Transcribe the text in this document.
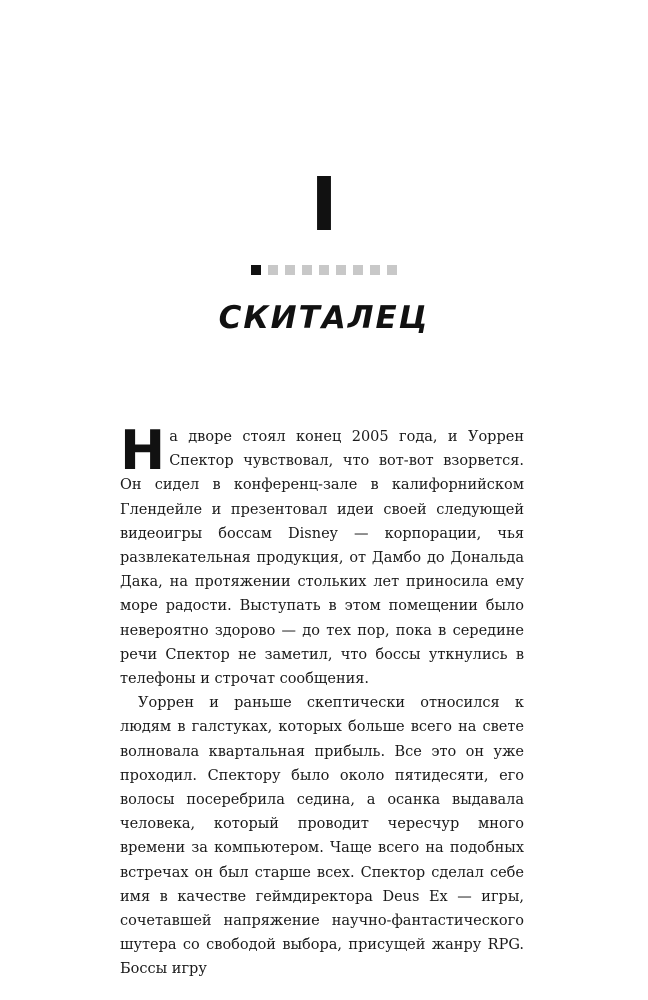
I
СКИТАЛЕЦ

На дворе стоял конец 2005 года, и Уоррен Спектор чувствовал, что вот-вот взорвется. Он сидел в конференц-зале в калифорнийском Глендейле и презентовал идеи своей следующей видеоигры боссам Disney — корпорации, чья развлекательная продукция, от Дамбо до Дональда Дака, на протяжении стольких лет приносила ему море радости. Выступать в этом помещении было невероятно здорово — до тех пор, пока в середине речи Спектор не заметил, что боссы уткнулись в телефоны и строчат сообщения.

Уоррен и раньше скептически относился к людям в галстуках, которых больше всего на свете волновала квартальная прибыль. Все это он уже проходил. Спектору было около пятидесяти, его волосы посеребрила седина, а осанка выдавала человека, который проводит чересчур много времени за компьютером. Чаще всего на подобных встречах он был старше всех. Спектор сделал себе имя в качестве геймдиректора Deus Ex — игры, сочетавшей напряжение научно-фантастического шутера со свободой выбора, присущей жанру RPG. Боссы игру
